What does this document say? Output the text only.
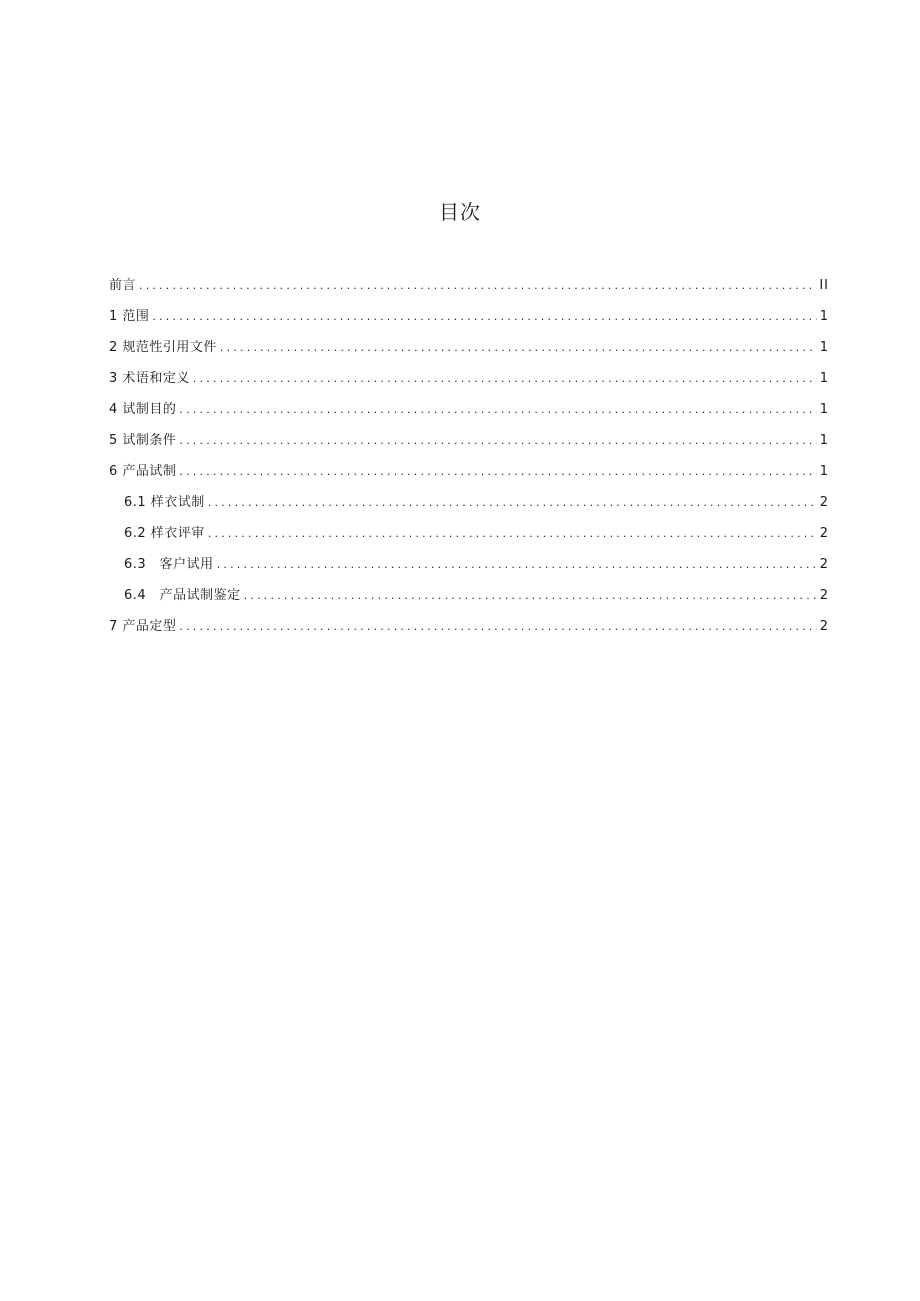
目次
前言 .....	II
1 范围 .....	1
2 规范性引用文件 .....	1
3 术语和定义 .....	1
4 试制目的 .....	1
5 试制条件 .....	1
6 产品试制 .....	1
6.1 样衣试制 .....	2
6.2 样衣评审 .....	2
6.3　客户试用 .....	2
6.4　产品试制鉴定 .....	2
7 产品定型 .....	2
